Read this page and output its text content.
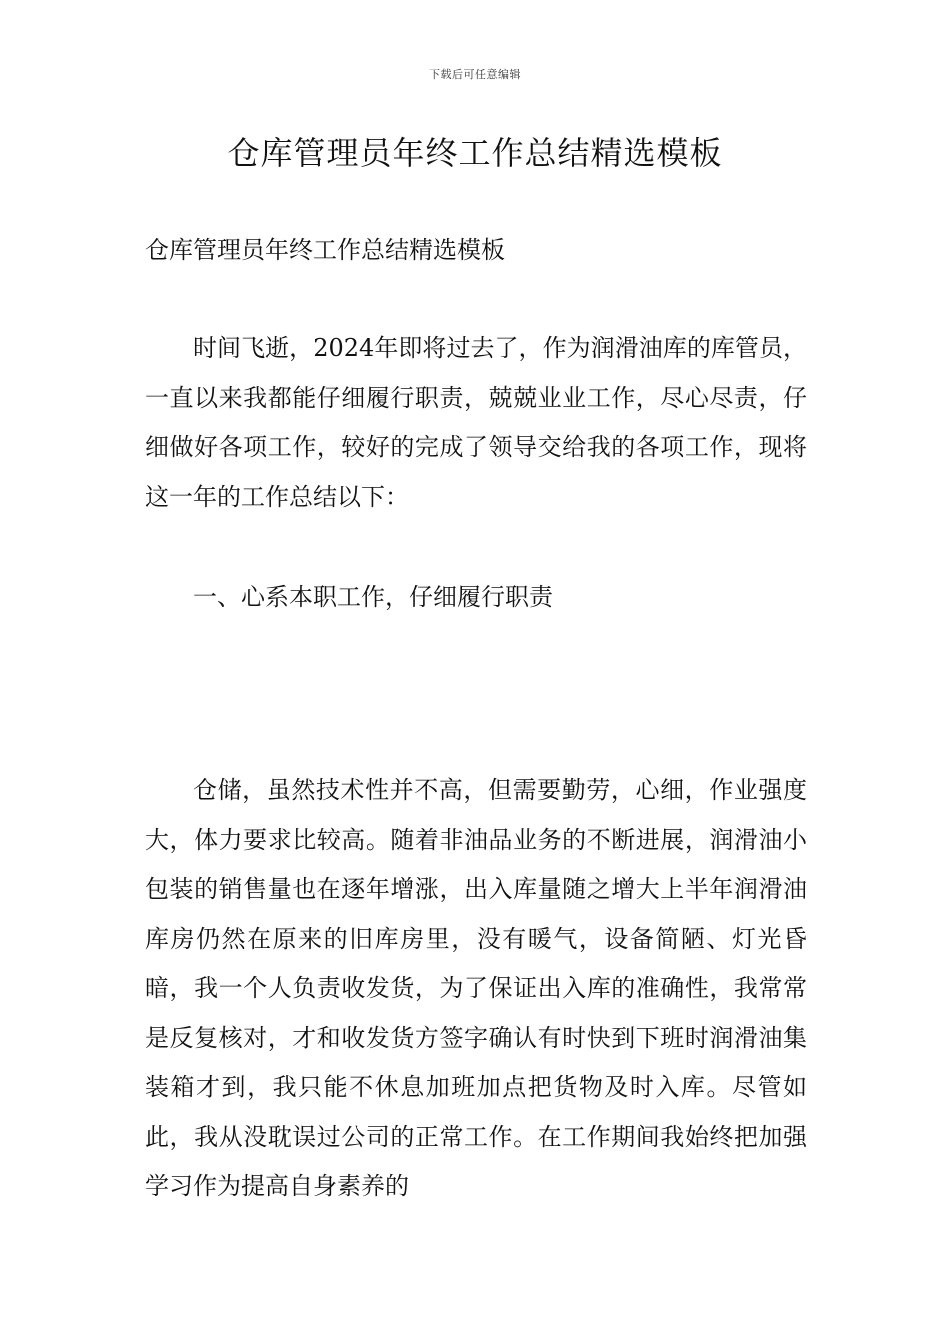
下载后可任意编辑
仓库管理员年终工作总结精选模板

仓库管理员年终工作总结精选模板

时间飞逝，2024年即将过去了，作为润滑油库的库管员，一直以来我都能仔细履行职责，兢兢业业工作，尽心尽责，仔细做好各项工作，较好的完成了领导交给我的各项工作，现将这一年的工作总结以下：

一、心系本职工作，仔细履行职责

仓储，虽然技术性并不高，但需要勤劳，心细，作业强度大，体力要求比较高。随着非油品业务的不断进展，润滑油小包装的销售量也在逐年增涨，出入库量随之增大上半年润滑油库房仍然在原来的旧库房里，没有暖气，设备简陋、灯光昏暗，我一个人负责收发货，为了保证出入库的准确性，我常常是反复核对，才和收发货方签字确认有时快到下班时润滑油集装箱才到，我只能不休息加班加点把货物及时入库。尽管如此，我从没耽误过公司的正常工作。在工作期间我始终把加强学习作为提高自身素养的
